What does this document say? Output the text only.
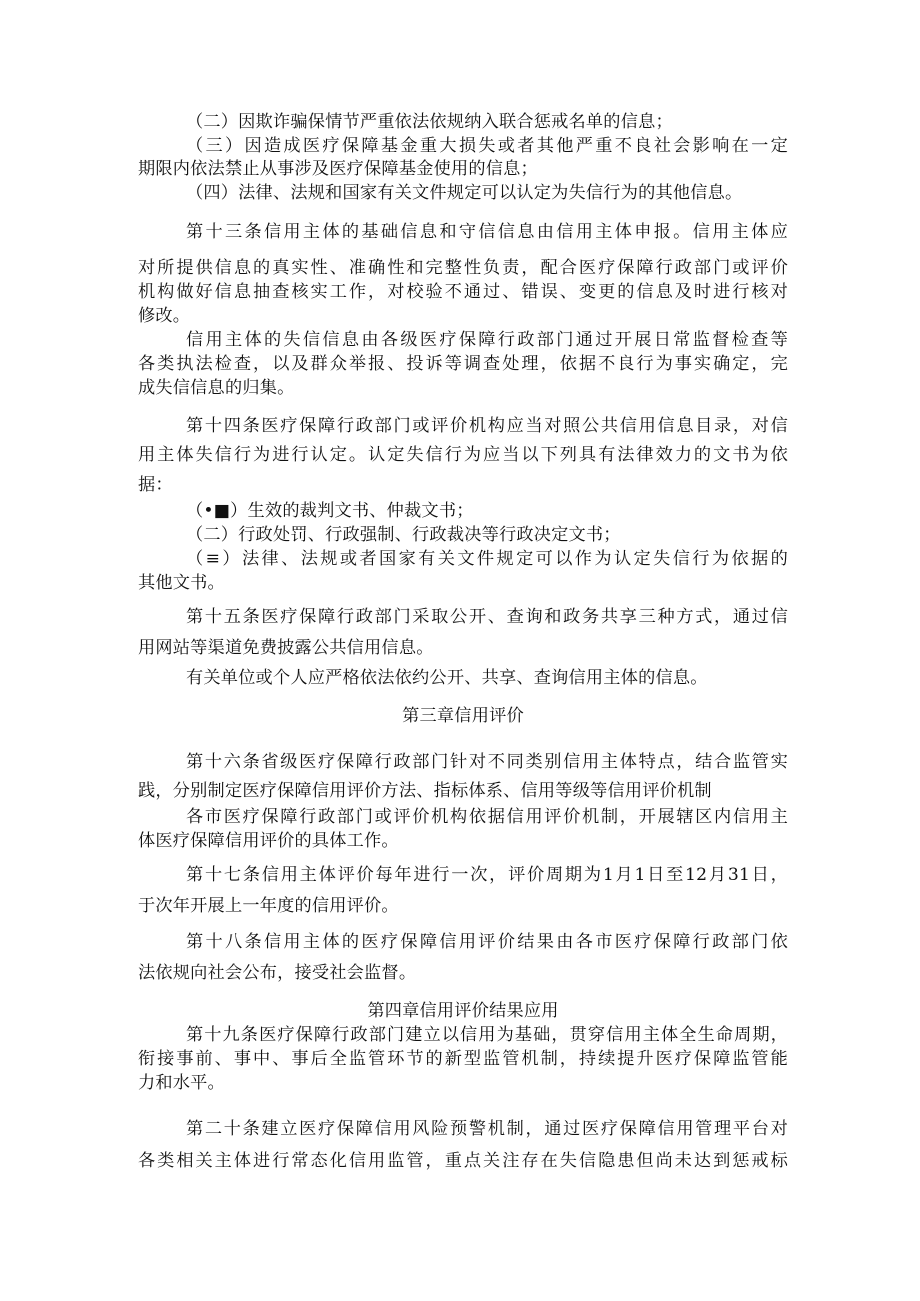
（二）因欺诈骗保情节严重依法依规纳入联合惩戒名单的信息；
（三）因造成医疗保障基金重大损失或者其他严重不良社会影响在一定
期限内依法禁止从事涉及医疗保障基金使用的信息；
（四）法律、法规和国家有关文件规定可以认定为失信行为的其他信息。
第十三条信用主体的基础信息和守信信息由信用主体申报。信用主体应
对所提供信息的真实性、准确性和完整性负责，配合医疗保障行政部门或评价
机构做好信息抽查核实工作，对校验不通过、错误、变更的信息及时进行核对
修改。
信用主体的失信信息由各级医疗保障行政部门通过开展日常监督检查等
各类执法检查，以及群众举报、投诉等调查处理，依据不良行为事实确定，完
成失信信息的归集。
第十四条医疗保障行政部门或评价机构应当对照公共信用信息目录，对信
用主体失信行为进行认定。认定失信行为应当以下列具有法律效力的文书为依
据：
（•■）生效的裁判文书、仲裁文书；
（二）行政处罚、行政强制、行政裁决等行政决定文书；
（≡）法律、法规或者国家有关文件规定可以作为认定失信行为依据的
其他文书。
第十五条医疗保障行政部门采取公开、查询和政务共享三种方式，通过信
用网站等渠道免费披露公共信用信息。
有关单位或个人应严格依法依约公开、共享、查询信用主体的信息。
第三章信用评价
第十六条省级医疗保障行政部门针对不同类别信用主体特点，结合监管实
践，分别制定医疗保障信用评价方法、指标体系、信用等级等信用评价机制
各市医疗保障行政部门或评价机构依据信用评价机制，开展辖区内信用主
体医疗保障信用评价的具体工作。
第十七条信用主体评价每年进行一次，评价周期为1月1日至12月31日，
于次年开展上一年度的信用评价。
第十八条信用主体的医疗保障信用评价结果由各市医疗保障行政部门依
法依规向社会公布，接受社会监督。
第四章信用评价结果应用
第十九条医疗保障行政部门建立以信用为基础，贯穿信用主体全生命周期，
衔接事前、事中、事后全监管环节的新型监管机制，持续提升医疗保障监管能
力和水平。
第二十条建立医疗保障信用风险预警机制，通过医疗保障信用管理平台对
各类相关主体进行常态化信用监管，重点关注存在失信隐患但尚未达到惩戒标
